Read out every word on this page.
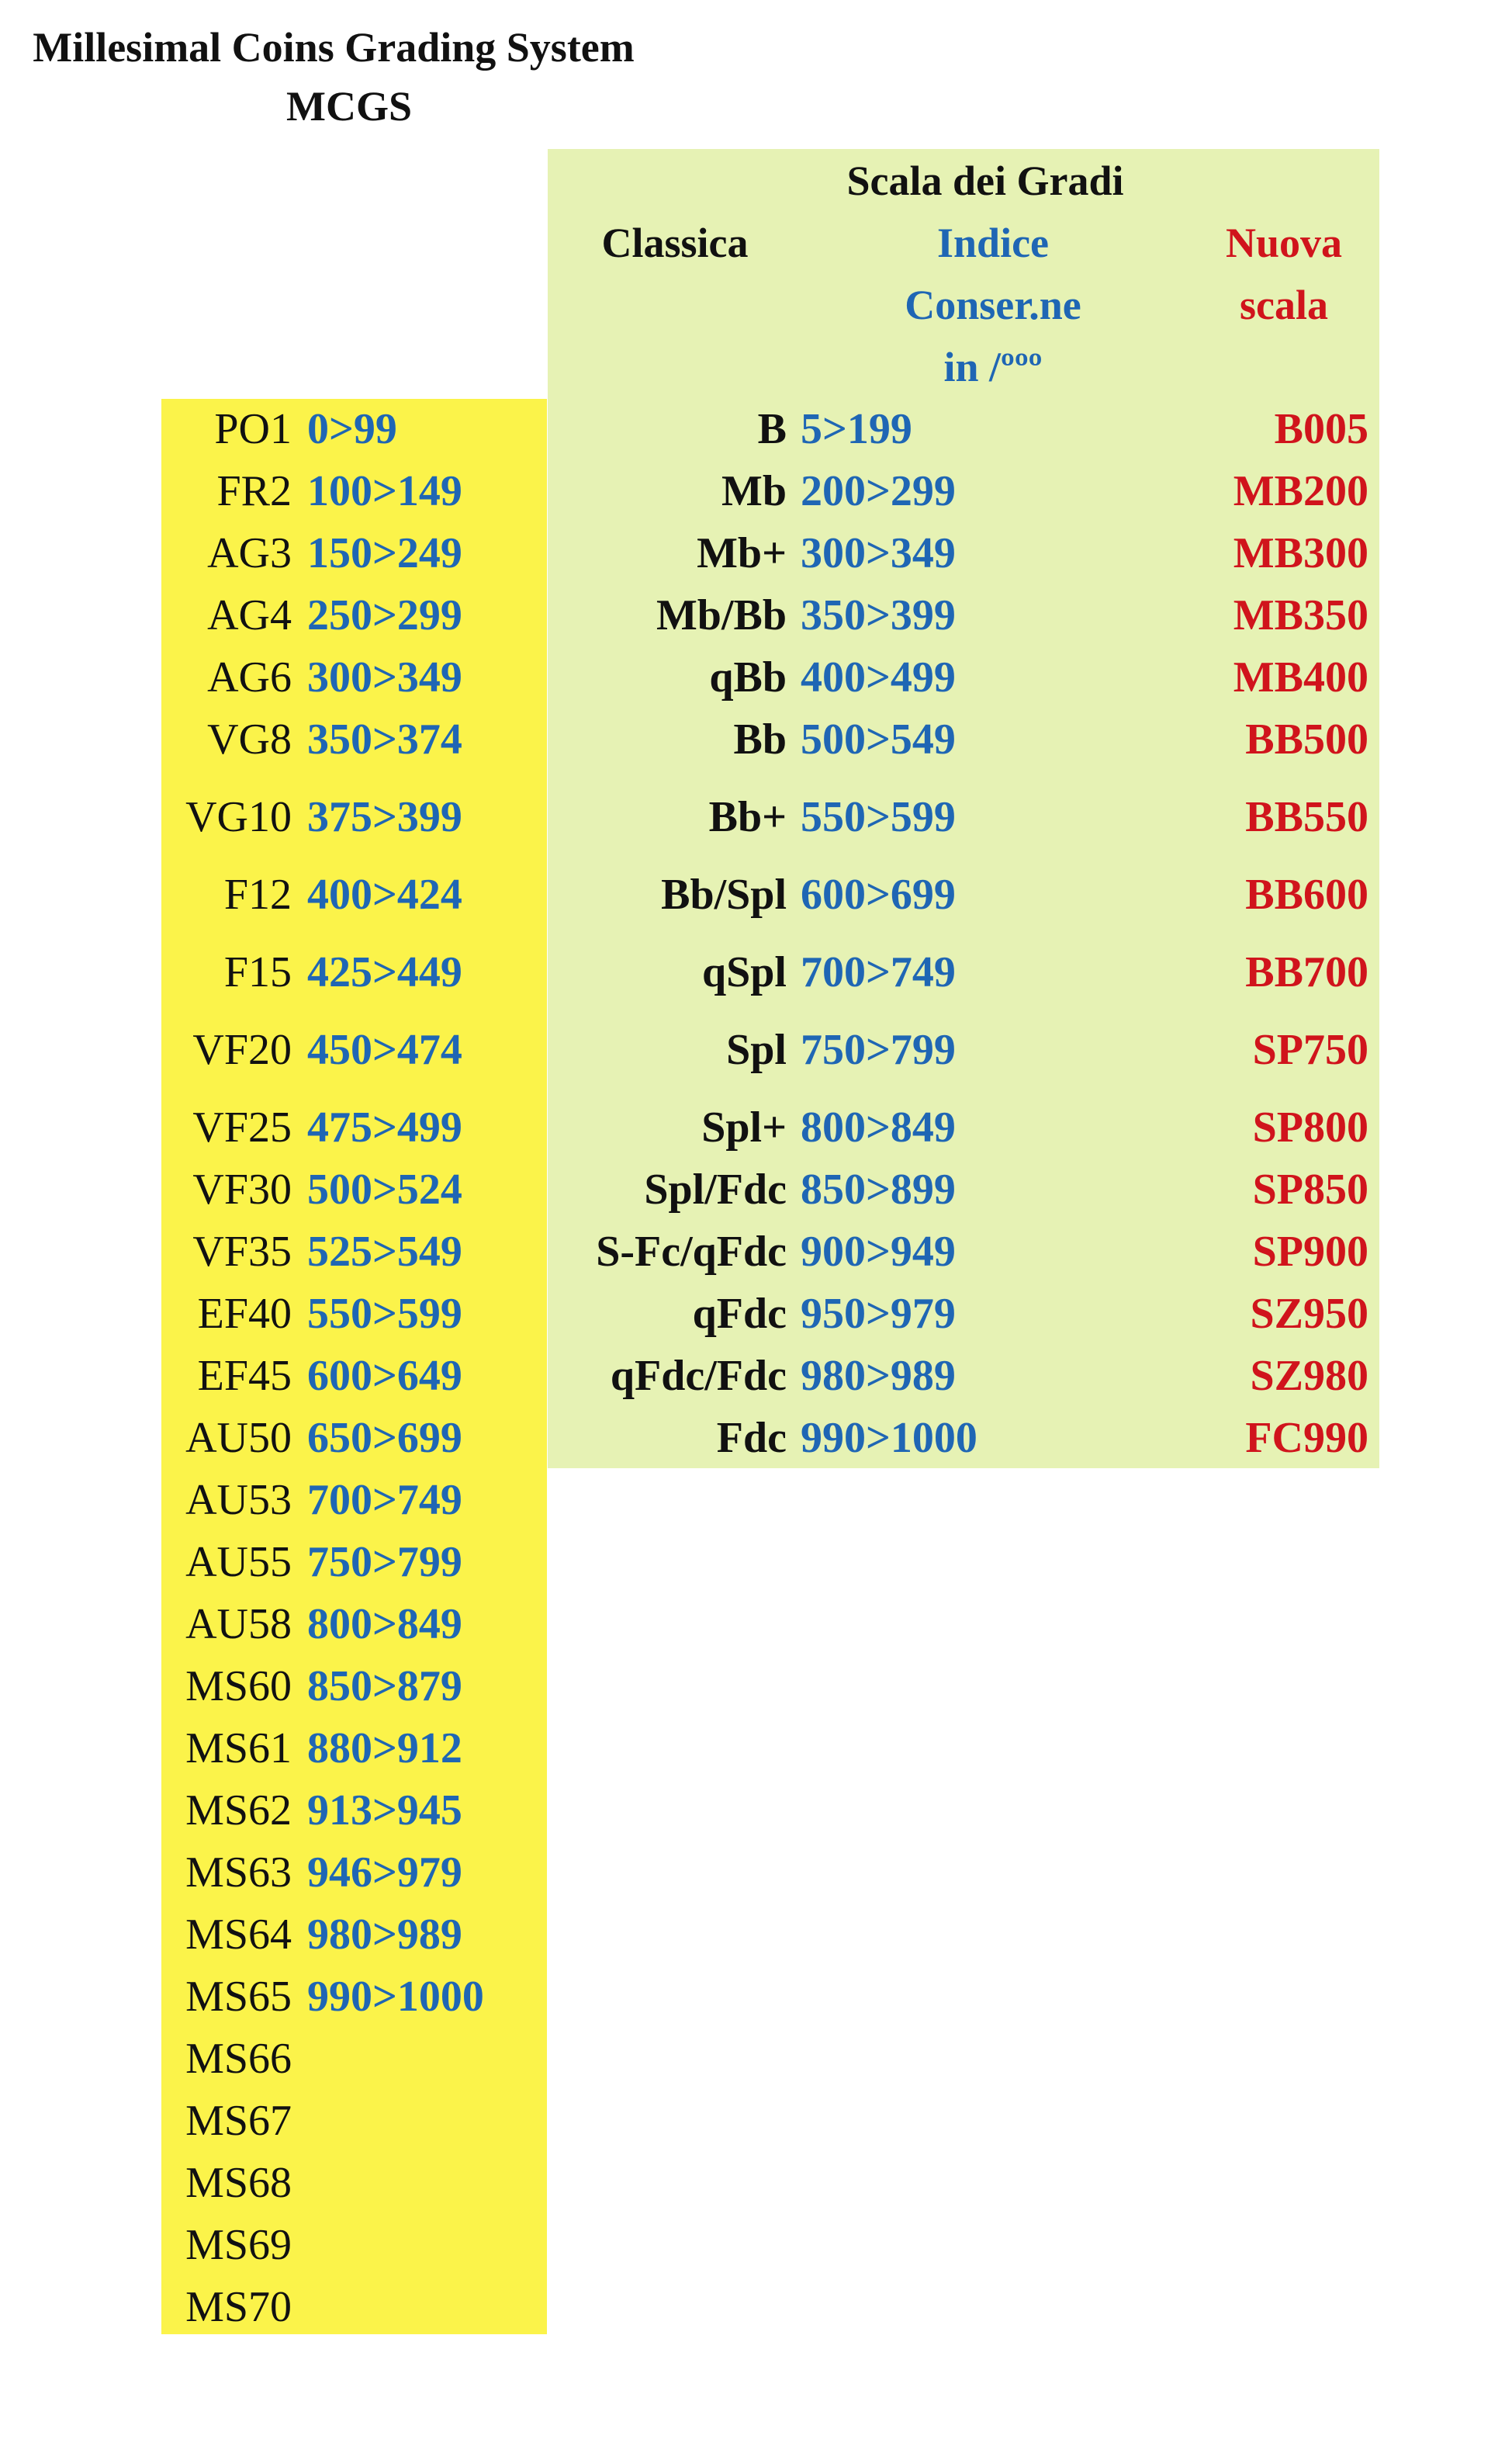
Millesimal Coins Grading System
MCGS
Scala dei Gradi
Classica	Indice
Conser.ne
in /ººº
Nuova
scala
PO1 0>99	B 5>199	B005
FR2 100>149	Mb 200>299	MB200
AG3 150>249	Mb+ 300>349	MB300
AG4 250>299	Mb/Bb 350>399	MB350
AG6 300>349	qBb 400>499	MB400
VG8 350>374	Bb 500>549	BB500
VG10 375>399	Bb+ 550>599	BB550
F12 400>424	Bb/Spl 600>699	BB600
F15 425>449	qSpl 700>749	BB700
VF20 450>474	Spl 750>799	SP750
VF25 475>499	Spl+ 800>849	SP800
VF30 500>524	Spl/Fdc 850>899	SP850
VF35 525>549	S-Fc/qFdc 900>949	SP900
EF40 550>599	qFdc 950>979	SZ950
EF45 600>649	qFdc/Fdc 980>989	SZ980
AU50 650>699	Fdc 990>1000	FC990
AU53 700>749
AU55 750>799
AU58 800>849
MS60 850>879
MS61 880>912
MS62 913>945
MS63 946>979
MS64 980>989
MS65 990>1000
MS66
MS67
MS68
MS69
MS70
